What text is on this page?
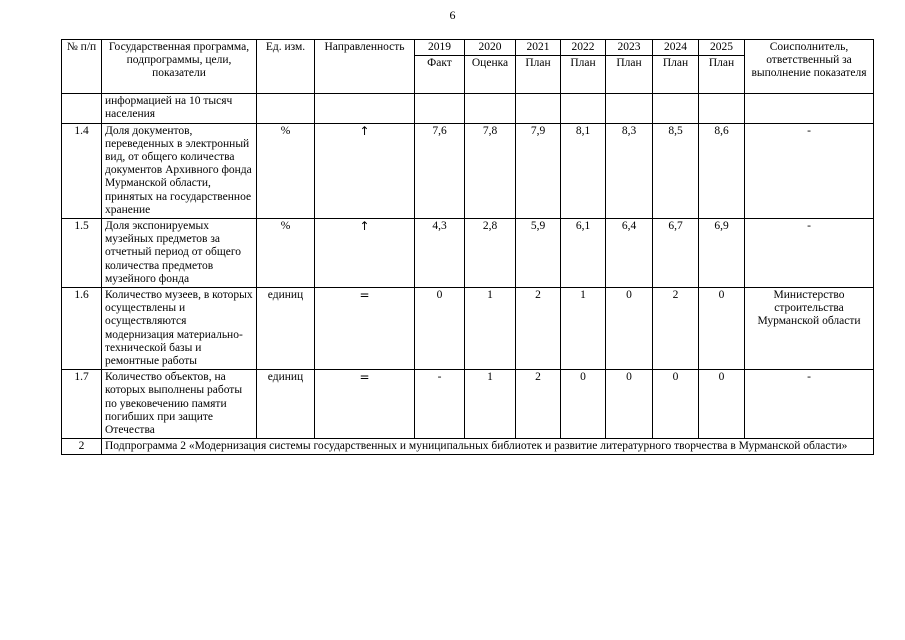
6
№ п/п	Государственная программа, подпрограммы, цели, показатели	Ед. изм.	Направленность	2019	2020	2021	2022	2023	2024	2025	Соисполнитель, ответственный за выполнение показателя
				Факт	Оценка	План	План	План	План	План	
	информацией на 10 тысяч населения										
1.4	Доля документов, переведенных в электронный вид, от общего количества документов Архивного фонда Мурманской области, принятых на государственное хранение	%	↑	7,6	7,8	7,9	8,1	8,3	8,5	8,6	-
1.5	Доля экспонируемых музейных предметов за отчетный период от общего количества предметов музейного фонда	%	↑	4,3	2,8	5,9	6,1	6,4	6,7	6,9	-
1.6	Количество музеев, в которых осуществлены и осуществляются модернизация материально-технической базы и ремонтные работы	единиц	=	0	1	2	1	0	2	0	Министерство строительства Мурманской области
1.7	Количество объектов, на которых выполнены работы по увековечению памяти погибших при защите Отечества	единиц	=	-	1	2	0	0	0	0	-
2	Подпрограмма 2 «Модернизация системы государственных и муниципальных библиотек и развитие литературного творчества в Мурманской области»										
